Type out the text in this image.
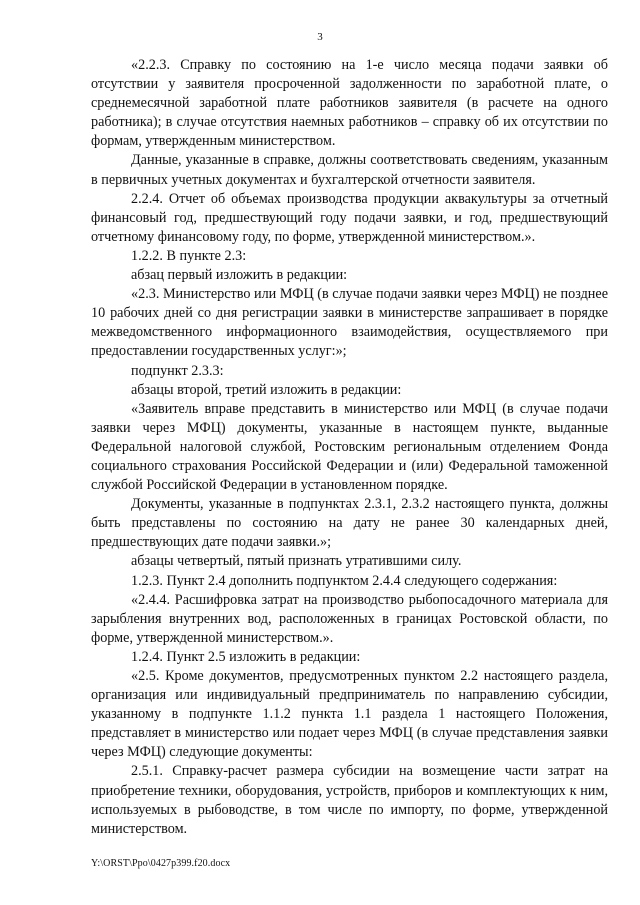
3

«2.2.3. Справку по состоянию на 1-е число месяца подачи заявки об отсутствии у заявителя просроченной задолженности по заработной плате, о среднемесячной заработной плате работников заявителя (в расчете на одного работника); в случае отсутствия наемных работников – справку об их отсутствии по формам, утвержденным министерством.

Данные, указанные в справке, должны соответствовать сведениям, указанным в первичных учетных документах и бухгалтерской отчетности заявителя.

2.2.4. Отчет об объемах производства продукции аквакультуры за отчетный финансовый год, предшествующий году подачи заявки, и год, предшествующий отчетному финансовому году, по форме, утвержденной министерством.».

1.2.2. В пункте 2.3:

абзац первый изложить в редакции:

«2.3. Министерство или МФЦ (в случае подачи заявки через МФЦ) не позднее 10 рабочих дней со дня регистрации заявки в министерстве запрашивает в порядке межведомственного информационного взаимодействия, осуществляемого при предоставлении государственных услуг:»;

подпункт 2.3.3:

абзацы второй, третий изложить в редакции:

«Заявитель вправе представить в министерство или МФЦ (в случае подачи заявки через МФЦ) документы, указанные в настоящем пункте, выданные Федеральной налоговой службой, Ростовским региональным отделением Фонда социального страхования Российской Федерации и (или) Федеральной таможенной службой Российской Федерации в установленном порядке.

Документы, указанные в подпунктах 2.3.1, 2.3.2 настоящего пункта, должны быть представлены по состоянию на дату не ранее 30 календарных дней, предшествующих дате подачи заявки.»;

абзацы четвертый, пятый признать утратившими силу.

1.2.3. Пункт 2.4 дополнить подпунктом 2.4.4 следующего содержания:

«2.4.4. Расшифровка затрат на производство рыбопосадочного материала для зарыбления внутренних вод, расположенных в границах Ростовской области, по форме, утвержденной министерством.».

1.2.4. Пункт 2.5 изложить в редакции:

«2.5. Кроме документов, предусмотренных пунктом 2.2 настоящего раздела, организация или индивидуальный предприниматель по направлению субсидии, указанному в подпункте 1.1.2 пункта 1.1 раздела 1 настоящего Положения, представляет в министерство или подает через МФЦ (в случае представления заявки через МФЦ) следующие документы:

2.5.1. Справку-расчет размера субсидии на возмещение части затрат на приобретение техники, оборудования, устройств, приборов и комплектующих к ним, используемых в рыбоводстве, в том числе по импорту, по форме, утвержденной министерством.

Y:\ORST\Ppo\0427p399.f20.docx
